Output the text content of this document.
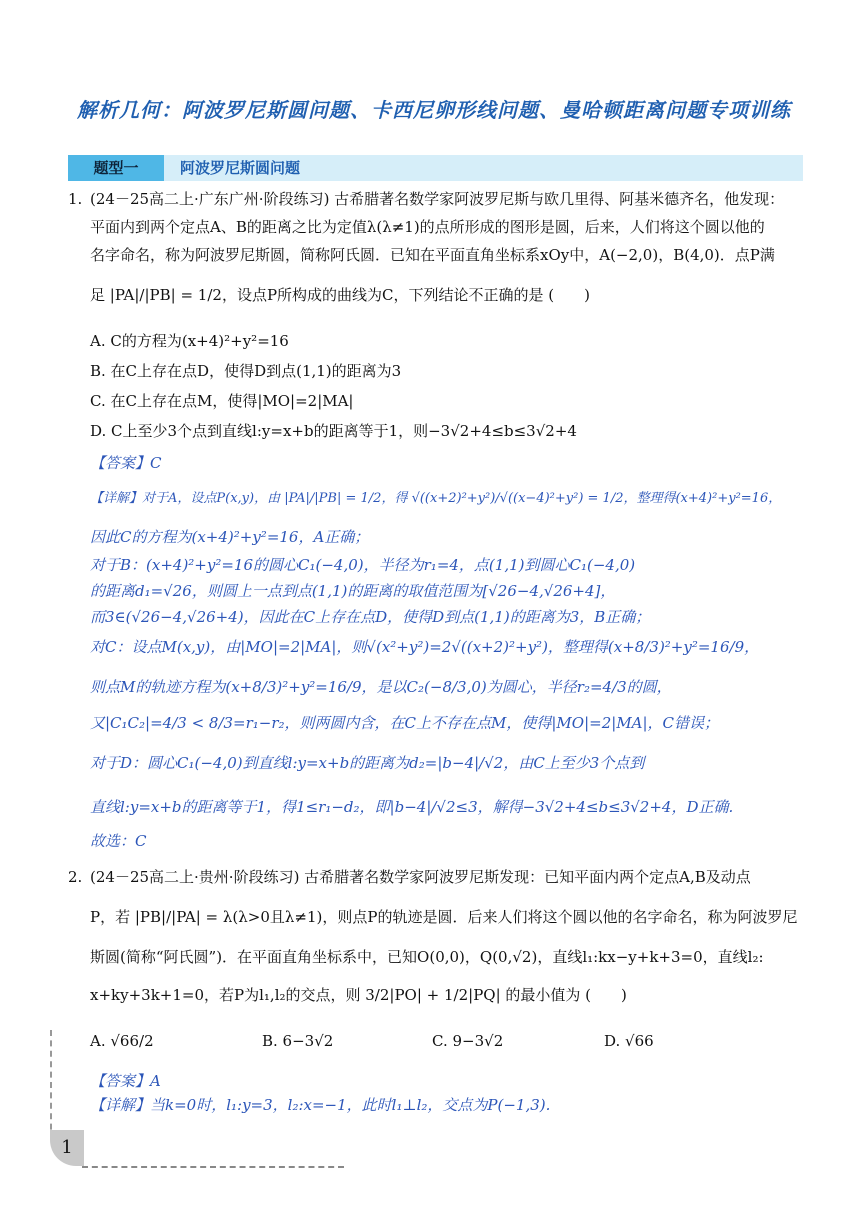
解析几何：阿波罗尼斯圆问题、卡西尼卵形线问题、曼哈顿距离问题专项训练
题型一	阿波罗尼斯圆问题
1. (24－25高二上·广东广州·阶段练习) 古希腊著名数学家阿波罗尼斯与欧几里得、阿基米德齐名，他发现：
平面内到两个定点A、B的距离之比为定值λ(λ≠1)的点所形成的图形是圆，后来，人们将这个圆以他的
名字命名，称为阿波罗尼斯圆，简称阿氏圆．已知在平面直角坐标系xOy中，A(−2,0)，B(4,0)．点P满
足 |PA|/|PB| = 1/2，设点P所构成的曲线为C，下列结论不正确的是 (　　)
A. C的方程为(x+4)²+y²=16
B. 在C上存在点D，使得D到点(1,1)的距离为3
C. 在C上存在点M，使得|MO|=2|MA|
D. C上至少3个点到直线l:y=x+b的距离等于1，则−3√2+4≤b≤3√2+4
【答案】C
【详解】对于A，设点P(x,y)，由 |PA|/|PB| = 1/2，得 √((x+2)²+y²)/√((x−4)²+y²) = 1/2，整理得(x+4)²+y²=16，
因此C的方程为(x+4)²+y²=16，A正确；
对于B：(x+4)²+y²=16的圆心C₁(−4,0)，半径为r₁=4，点(1,1)到圆心C₁(−4,0)
的距离d₁=√26，则圆上一点到点(1,1)的距离的取值范围为[√26−4,√26+4]，
而3∈(√26−4,√26+4)，因此在C上存在点D，使得D到点(1,1)的距离为3，B正确；
对C：设点M(x,y)，由|MO|=2|MA|，则√(x²+y²)=2√((x+2)²+y²)，整理得(x+8/3)²+y²=16/9，
则点M的轨迹方程为(x+8/3)²+y²=16/9，是以C₂(−8/3,0)为圆心，半径r₂=4/3的圆，
又|C₁C₂|=4/3 < 8/3=r₁−r₂，则两圆内含，在C上不存在点M，使得|MO|=2|MA|，C错误；
对于D：圆心C₁(−4,0)到直线l:y=x+b的距离为d₂=|b−4|/√2，由C上至少3个点到
直线l:y=x+b的距离等于1，得1≤r₁−d₂，即|b−4|/√2≤3，解得−3√2+4≤b≤3√2+4，D正确.
故选：C
2. (24－25高二上·贵州·阶段练习) 古希腊著名数学家阿波罗尼斯发现：已知平面内两个定点A,B及动点
P，若 |PB|/|PA| = λ(λ>0且λ≠1)，则点P的轨迹是圆．后来人们将这个圆以他的名字命名，称为阿波罗尼
斯圆(简称“阿氏圆”)．在平面直角坐标系中，已知O(0,0)，Q(0,√2)，直线l₁:kx−y+k+3=0，直线l₂:
x+ky+3k+1=0，若P为l₁,l₂的交点，则 3/2|PO| + 1/2|PQ| 的最小值为 (　　)
A. √66/2	B. 6−3√2	C. 9−3√2	D. √66
【答案】A
【详解】当k=0时，l₁:y=3，l₂:x=−1，此时l₁⊥l₂，交点为P(−1,3).
1
